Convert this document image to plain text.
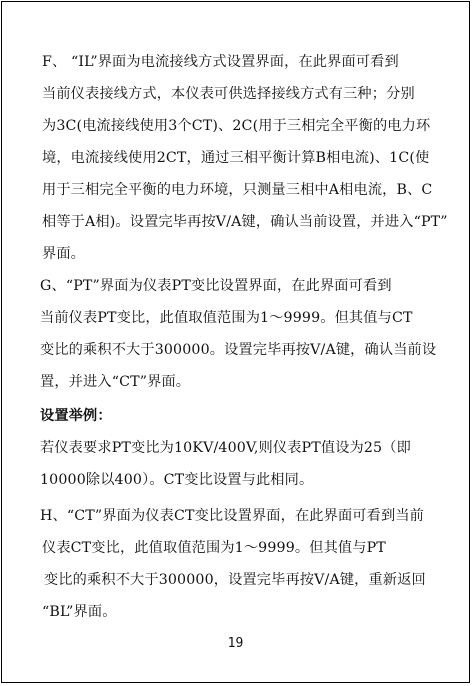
F、 “IL”界面为电流接线方式设置界面，在此界面可看到
当前仪表接线方式，本仪表可供选择接线方式有三种；分别
为3C(电流接线使用3个CT)、2C(用于三相完全平衡的电力环
境，电流接线使用2CT，通过三相平衡计算B相电流)、1C(使
用于三相完全平衡的电力环境，只测量三相中A相电流，B、C
相等于A相)。设置完毕再按V/A键，确认当前设置，并进入“PT”
界面。
G、“PT”界面为仪表PT变比设置界面，在此界面可看到
当前仪表PT变比，此值取值范围为1～9999。但其值与CT
变比的乘积不大于300000。设置完毕再按V/A键，确认当前设
置，并进入“CT”界面。
设置举例：
若仪表要求PT变比为10KV/400V,则仪表PT值设为25（即
10000除以400）。CT变比设置与此相同。
H、“CT”界面为仪表CT变比设置界面，在此界面可看到当前
仪表CT变比，此值取值范围为1～9999。但其值与PT
变比的乘积不大于300000，设置完毕再按V/A键，重新返回
“BL”界面。
19
